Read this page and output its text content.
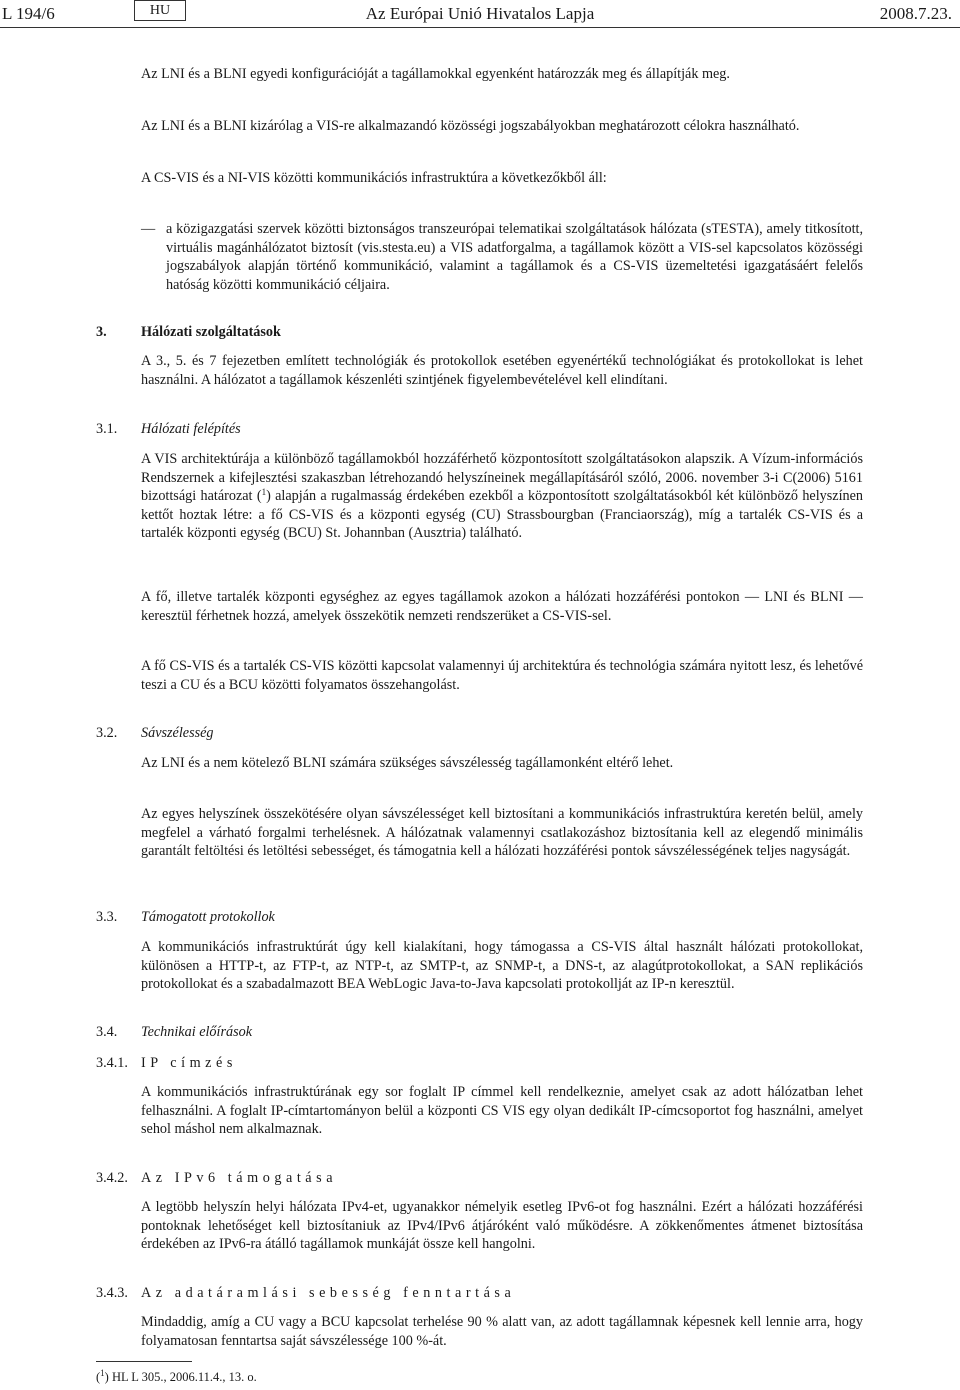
L 194/6	HU	Az Európai Unió Hivatalos Lapja	2008.7.23.

Az LNI és a BLNI egyedi konfigurációját a tagállamokkal egyenként határozzák meg és állapítják meg.

Az LNI és a BLNI kizárólag a VIS-re alkalmazandó közösségi jogszabályokban meghatározott célokra használható.

A CS-VIS és a NI-VIS közötti kommunikációs infrastruktúra a következőkből áll:

— a közigazgatási szervek közötti biztonságos transzeurópai telematikai szolgáltatások hálózata (sTESTA), amely titkosított, virtuális magánhálózatot biztosít (vis.stesta.eu) a VIS adatforgalma, a tagállamok között a VIS-sel kapcsolatos közösségi jogszabályok alapján történő kommunikáció, valamint a tagállamok és a CS-VIS üzemeltetési igazgatásáért felelős hatóság közötti kommunikáció céljaira.

3. Hálózati szolgáltatások

A 3., 5. és 7 fejezetben említett technológiák és protokollok esetében egyenértékű technológiákat és protokollokat is lehet használni. A hálózatot a tagállamok készenléti szintjének figyelembevételével kell elindítani.

3.1. Hálózati felépítés

A VIS architektúrája a különböző tagállamokból hozzáférhető központosított szolgáltatásokon alapszik. A Vízum-információs Rendszernek a kifejlesztési szakaszban létrehozandó helyszíneinek megállapításáról szóló, 2006. november 3-i C(2006) 5161 bizottsági határozat ($^1$) alapján a rugalmasság érdekében ezekből a központosított szolgáltatásokból két különböző helyszínen kettőt hoztak létre: a fő CS-VIS és a központi egység (CU) Strassbourgban (Franciaország), míg a tartalék CS-VIS és a tartalék központi egység (BCU) St. Johannban (Ausztria) található.

A fő, illetve tartalék központi egységhez az egyes tagállamok azokon a hálózati hozzáférési pontokon — LNI és BLNI — keresztül férhetnek hozzá, amelyek összekötik nemzeti rendszerüket a CS-VIS-sel.

A fő CS-VIS és a tartalék CS-VIS közötti kapcsolat valamennyi új architektúra és technológia számára nyitott lesz, és lehetővé teszi a CU és a BCU közötti folyamatos összehangolást.

3.2. Sávszélesség

Az LNI és a nem kötelező BLNI számára szükséges sávszélesség tagállamonként eltérő lehet.

Az egyes helyszínek összekötésére olyan sávszélességet kell biztosítani a kommunikációs infrastruktúra keretén belül, amely megfelel a várható forgalmi terhelésnek. A hálózatnak valamennyi csatlakozáshoz biztosítania kell az elegendő minimális garantált feltöltési és letöltési sebességet, és támogatnia kell a hálózati hozzáférési pontok sávszélességének teljes nagyságát.

3.3. Támogatott protokollok

A kommunikációs infrastruktúrát úgy kell kialakítani, hogy támogassa a CS-VIS által használt hálózati protokollokat, különösen a HTTP-t, az FTP-t, az NTP-t, az SMTP-t, az SNMP-t, a DNS-t, az alagútprotokollokat, a SAN replikációs protokollokat és a szabadalmazott BEA WebLogic Java-to-Java kapcsolati protokollját az IP-n keresztül.

3.4. Technikai előírások
3.4.1. IP címzés

A kommunikációs infrastruktúrának egy sor foglalt IP címmel kell rendelkeznie, amelyet csak az adott hálózatban lehet felhasználni. A foglalt IP-címtartományon belül a központi CS VIS egy olyan dedikált IP-címcsoportot fog használni, amelyet sehol máshol nem alkalmaznak.

3.4.2. Az IPv6 támogatása

A legtöbb helyszín helyi hálózata IPv4-et, ugyanakkor némelyik esetleg IPv6-ot fog használni. Ezért a hálózati hozzáférési pontoknak lehetőséget kell biztosítaniuk az IPv4/IPv6 átjáróként való működésre. A zökkenőmentes átmenet biztosítása érdekében az IPv6-ra átálló tagállamok munkáját össze kell hangolni.

3.4.3. Az adatáramlási sebesség fenntartása

Mindaddig, amíg a CU vagy a BCU kapcsolat terhelése 90 % alatt van, az adott tagállamnak képesnek kell lennie arra, hogy folyamatosan fenntartsa saját sávszélessége 100 %-át.

($^1$) HL L 305., 2006.11.4., 13. o.
